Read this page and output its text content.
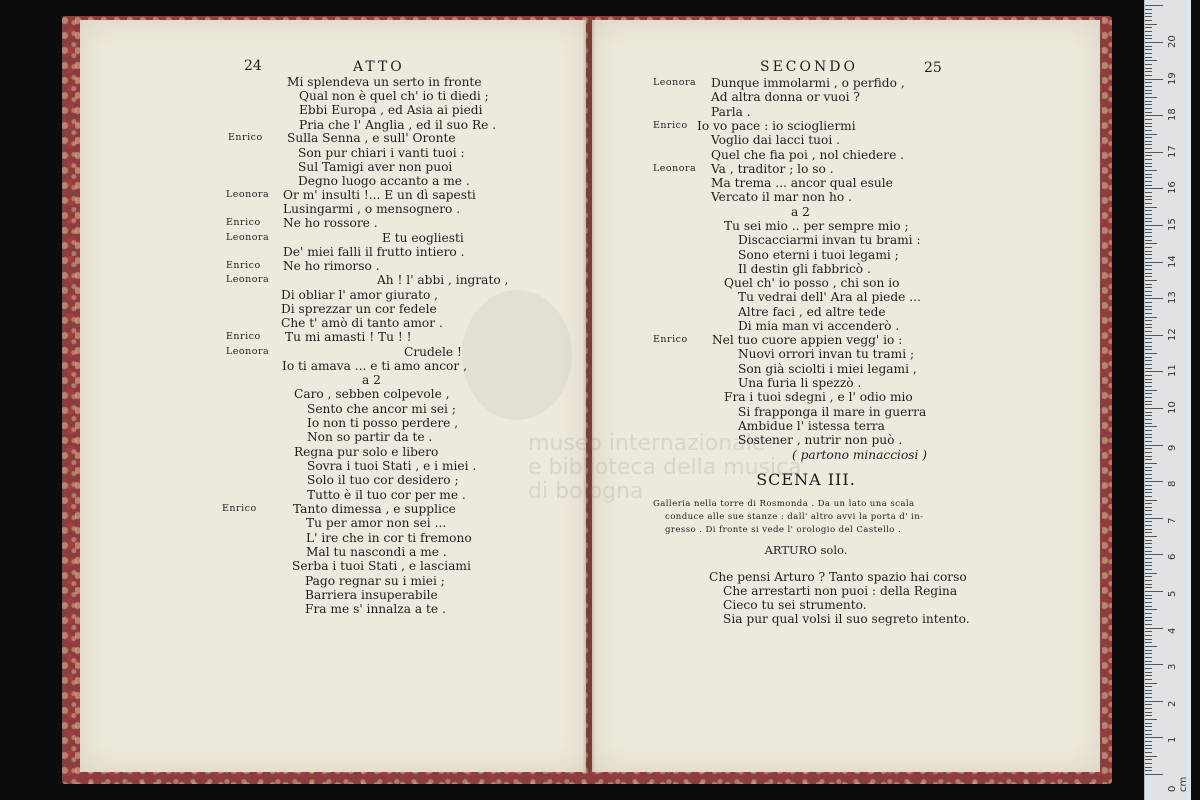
24	ATTO	SECONDO	25
Enrico
Leonora
Enrico
Leonora
Enrico
Leonora
Enrico
Leonora
Enrico
Mi splendeva un serto in fronte
Qual non è quel ch' io ti diedi ;
Ebbi Europa , ed Asia ai piedi
Pria che l' Anglia , ed il suo Re .
Sulla Senna , e sull' Oronte
Son pur chiari i vanti tuoi :
Sul Tamigi aver non puoi
Degno luogo accanto a me .
Or m' insulti !... E un dì sapesti
Lusingarmi , o mensognero .
Ne ho rossore .
E tu eogliesti
De' miei falli il frutto intiero .
Ne ho rimorso .
Ah ! l' abbi , ingrato ,
Di obliar l' amor giurato ,
Di sprezzar un cor fedele
Che t' amò di tanto amor .
Tu mi amasti ! Tu ! !
Crudele !
Io ti amava ... e ti amo ancor ,
a 2
Caro , sebben colpevole ,
Sento che ancor mi sei ;
Io non ti posso perdere ,
Non so partir da te .
Regna pur solo e libero
Sovra i tuoi Stati , e i miei .
Solo il tuo cor desidero ;
Tutto è il tuo cor per me .
Tanto dimessa , e supplice
Tu per amor non sei ...
L' ire che in cor ti fremono
Mal tu nascondi a me .
Serba i tuoi Stati , e lasciami
Pago regnar su i miei ;
Barriera insuperabile
Fra me s' innalza a te .
Leonora
Enrico
Leonora
Enrico
Dunque immolarmi , o perfido ,
Ad altra donna or vuoi ?
Parla .
Io vo pace : io sciogliermi
Voglio dai lacci tuoi .
Quel che fia poi , nol chiedere .
Va , traditor ; lo so .
Ma trema ... ancor qual esule
Vercato il mar non ho .
a 2
Tu sei mio .. per sempre mio ;
Discacciarmi invan tu brami :
Sono eterni i tuoi legami ;
Il destin gli fabbricò .
Quel ch' io posso , chi son io
Tu vedrai dell' Ara al piede ...
Altre faci , ed altre tede
Di mia man vi accenderò .
Nel tuo cuore appien vegg' io :
Nuovi orrori invan tu trami ;
Son già sciolti i miei legami ,
Una furia li spezzò .
Fra i tuoi sdegni , e l' odio mio
Si frapponga il mare in guerra
Ambidue l' istessa terra
Sostener , nutrir non può .
( partono minacciosi )
SCENA III.
Galleria nella torre di Rosmonda . Da un lato una scala
conduce alle sue stanze : dall' altro avvi la porta d' in-
gresso . Di fronte si vede l' orologio del Castello .
ARTURO solo.
Che pensi Arturo ? Tanto spazio hai corso
Che arrestarti non puoi : della Regina
Cieco tu sei strumento.
Sia pur qual volsi il suo segreto intento.
0 cm
1
2
3
4
5
6
7
8
9
10
11
12
13
14
15
16
17
18
19
20
